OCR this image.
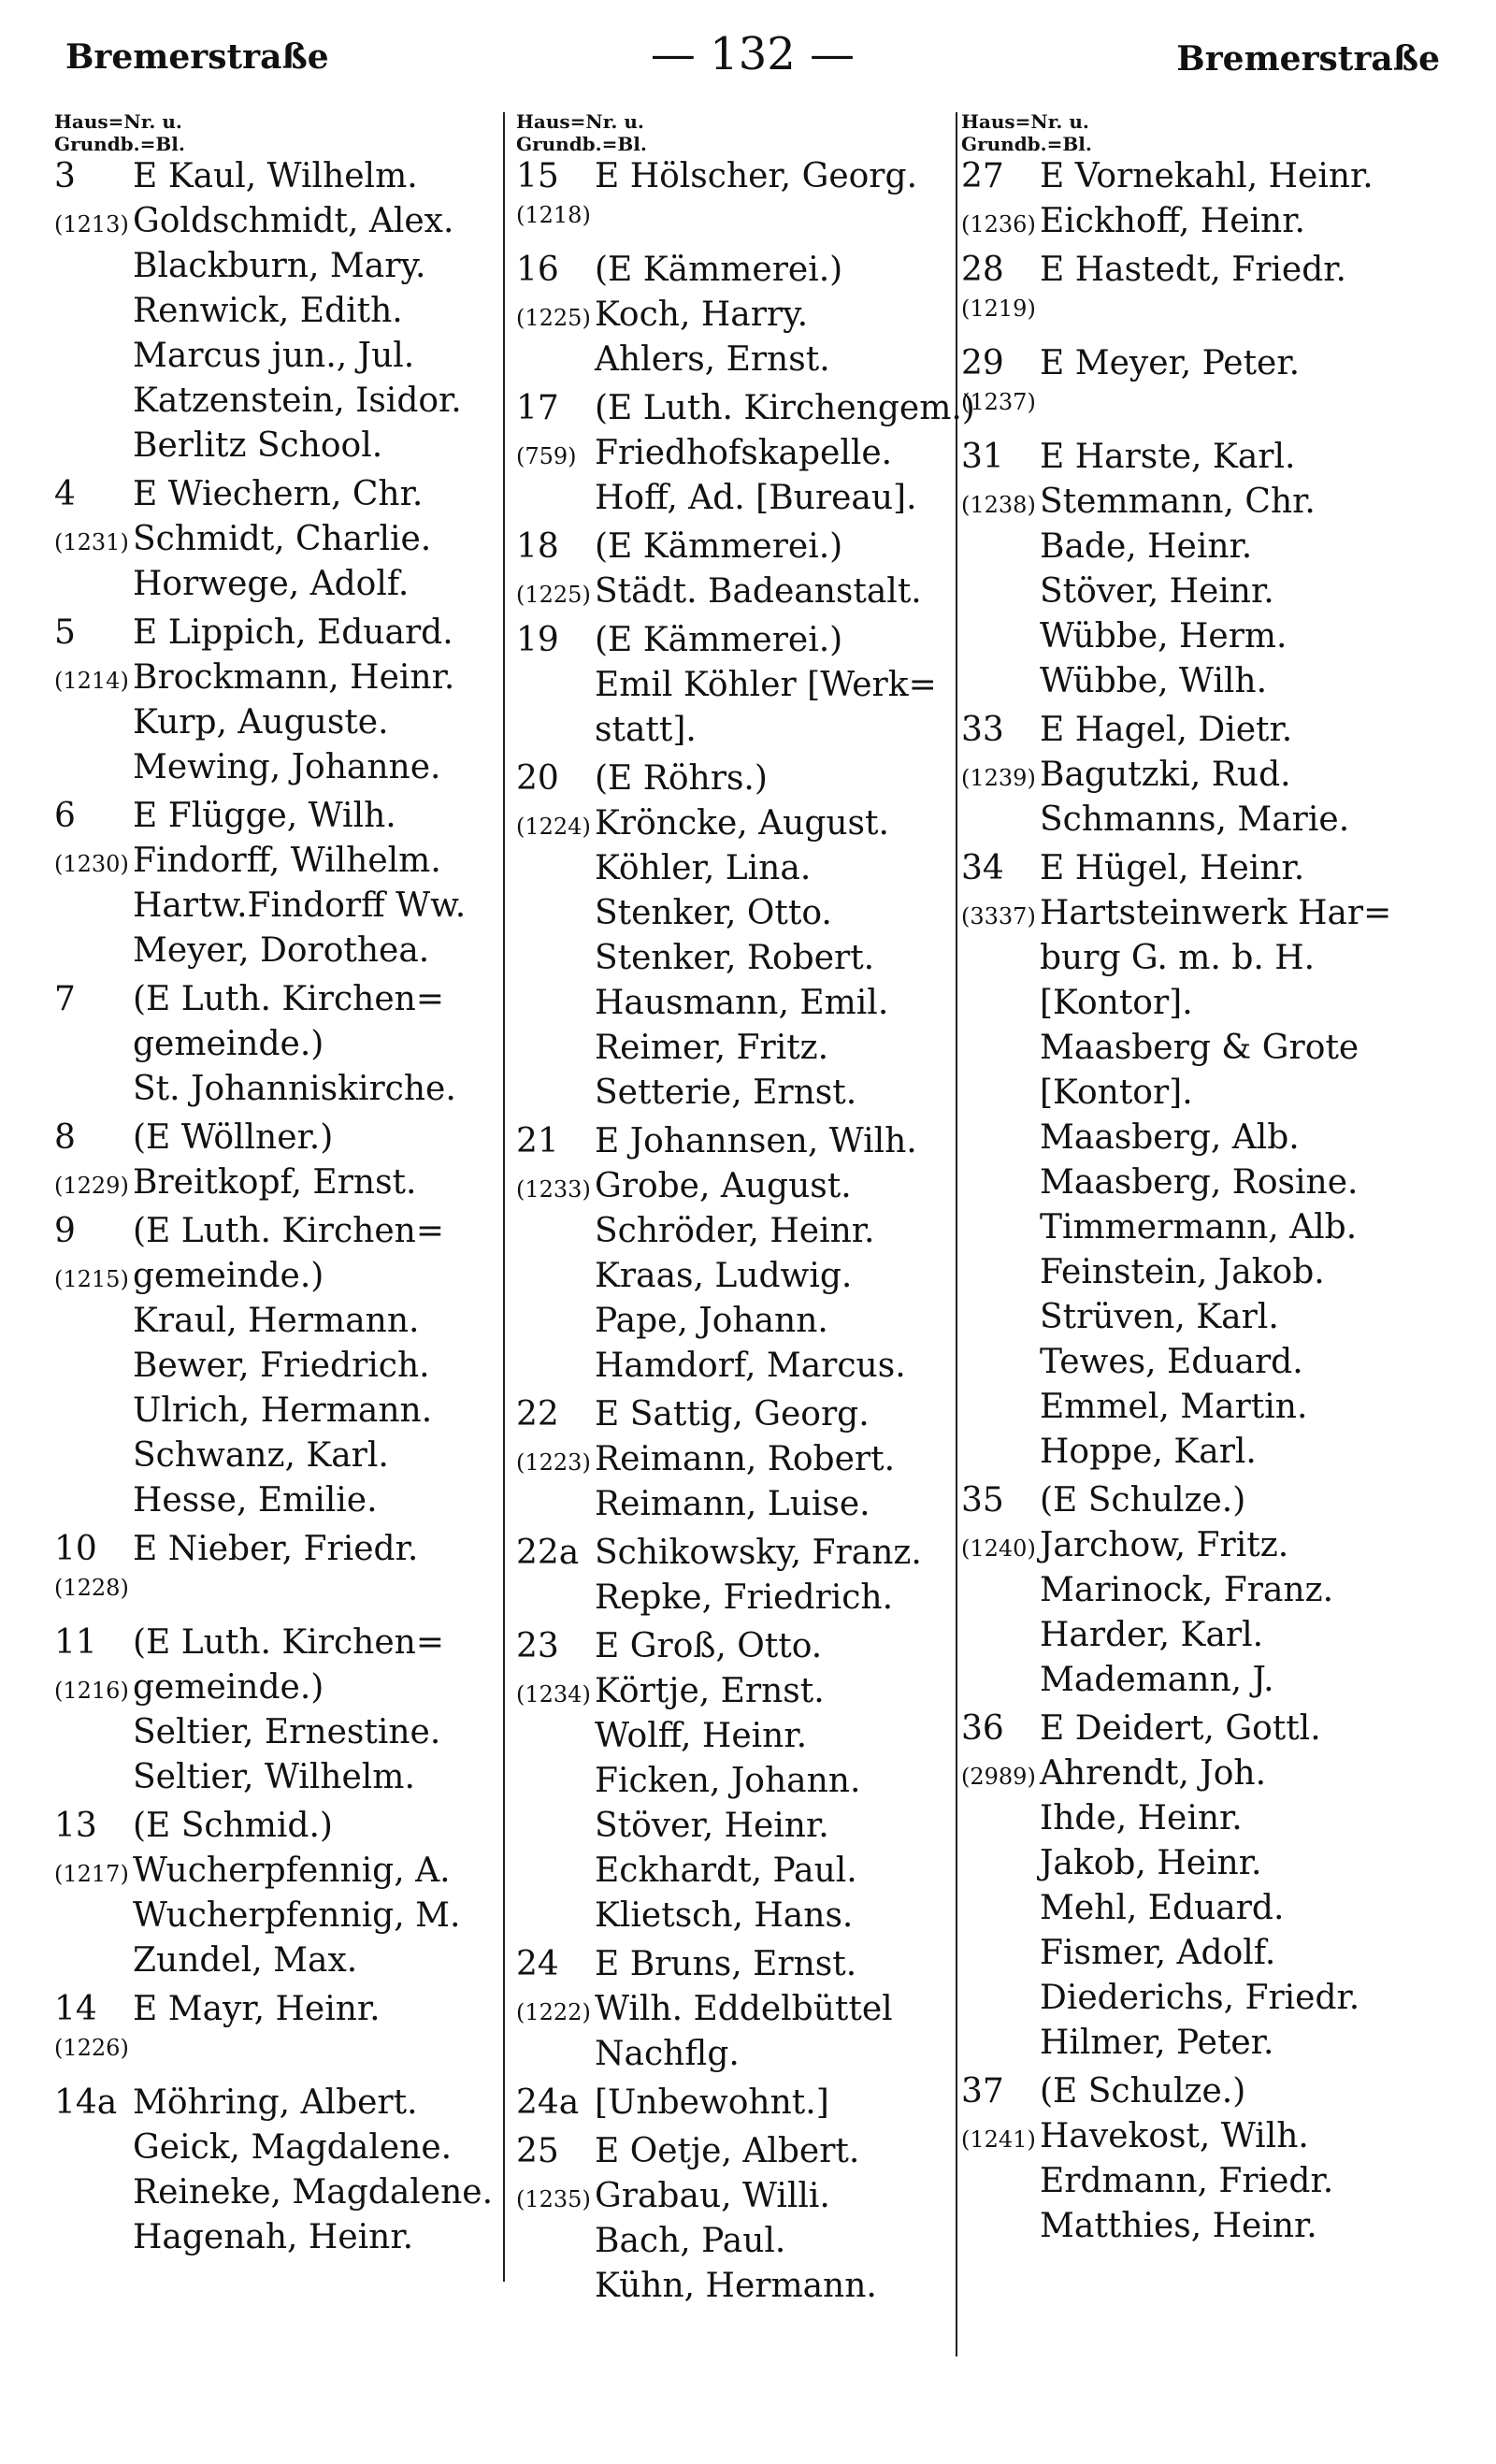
Bremerstraße	— 132 —	Bremerstraße
Haus=Nr. u.
Grundb.=Bl.
3	E Kaul, Wilhelm.
(1213) Goldschmidt, Alex.
Blackburn, Mary.
Renwick, Edith.
Marcus jun., Jul.
Katzenstein, Isidor.
Berlitz School.
4	E Wiechern, Chr.
(1231) Schmidt, Charlie.
Horwege, Adolf.
5	E Lippich, Eduard.
(1214) Brockmann, Heinr.
Kurp, Auguste.
Mewing, Johanne.
6	E Flügge, Wilh.
(1230) Findorff, Wilhelm.
Hartw.Findorff Ww.
Meyer, Dorothea.
7	(E Luth. Kirchen=
gemeinde.)
St. Johanniskirche.
8	(E Wöllner.)
(1229) Breitkopf, Ernst.
9	(E Luth. Kirchen=
(1215) gemeinde.)
Kraul, Hermann.
Bewer, Friedrich.
Ulrich, Hermann.
Schwanz, Karl.
Hesse, Emilie.
10	E Nieber, Friedr.
(1228)
11	(E Luth. Kirchen=
(1216) gemeinde.)
Seltier, Ernestine.
Seltier, Wilhelm.
13	(E Schmid.)
(1217) Wucherpfennig, A.
Wucherpfennig, M.
Zundel, Max.
14	E Mayr, Heinr.
(1226)
14a Möhring, Albert.
Geick, Magdalene.
Reineke, Magdalene.
Hagenah, Heinr.
Haus=Nr. u.
Grundb.=Bl.
15	E Hölscher, Georg.
(1218)
16	(E Kämmerei.)
(1225) Koch, Harry.
Ahlers, Ernst.
17	(E Luth. Kirchengem.)
(759) Friedhofskapelle.
Hoff, Ad. [Bureau].
18	(E Kämmerei.)
(1225) Städt. Badeanstalt.
19	(E Kämmerei.)
Emil Köhler [Werk=
statt].
20	(E Röhrs.)
(1224) Kröncke, August.
Köhler, Lina.
Stenker, Otto.
Stenker, Robert.
Hausmann, Emil.
Reimer, Fritz.
Setterie, Ernst.
21	E Johannsen, Wilh.
(1233) Grobe, August.
Schröder, Heinr.
Kraas, Ludwig.
Pape, Johann.
Hamdorf, Marcus.
22	E Sattig, Georg.
(1223) Reimann, Robert.
Reimann, Luise.
22a Schikowsky, Franz.
Repke, Friedrich.
23	E Groß, Otto.
(1234) Körtje, Ernst.
Wolff, Heinr.
Ficken, Johann.
Stöver, Heinr.
Eckhardt, Paul.
Klietsch, Hans.
24	E Bruns, Ernst.
(1222) Wilh. Eddelbüttel
Nachflg.
24a [Unbewohnt.]
25	E Oetje, Albert.
(1235) Grabau, Willi.
Bach, Paul.
Kühn, Hermann.
Haus=Nr. u.
Grundb.=Bl.
27	E Vornekahl, Heinr.
(1236) Eickhoff, Heinr.
28	E Hastedt, Friedr.
(1219)
29	E Meyer, Peter.
(1237)
31	E Harste, Karl.
(1238) Stemmann, Chr.
Bade, Heinr.
Stöver, Heinr.
Wübbe, Herm.
Wübbe, Wilh.
33	E Hagel, Dietr.
(1239) Bagutzki, Rud.
Schmanns, Marie.
34	E Hügel, Heinr.
(3337) Hartsteinwerk Har=
burg G. m. b. H.
[Kontor].
Maasberg & Grote
[Kontor].
Maasberg, Alb.
Maasberg, Rosine.
Timmermann, Alb.
Feinstein, Jakob.
Strüven, Karl.
Tewes, Eduard.
Emmel, Martin.
Hoppe, Karl.
35	(E Schulze.)
(1240) Jarchow, Fritz.
Marinock, Franz.
Harder, Karl.
Mademann, J.
36	E Deidert, Gottl.
(2989) Ahrendt, Joh.
Ihde, Heinr.
Jakob, Heinr.
Mehl, Eduard.
Fismer, Adolf.
Diederichs, Friedr.
Hilmer, Peter.
37	(E Schulze.)
(1241) Havekost, Wilh.
Erdmann, Friedr.
Matthies, Heinr.
